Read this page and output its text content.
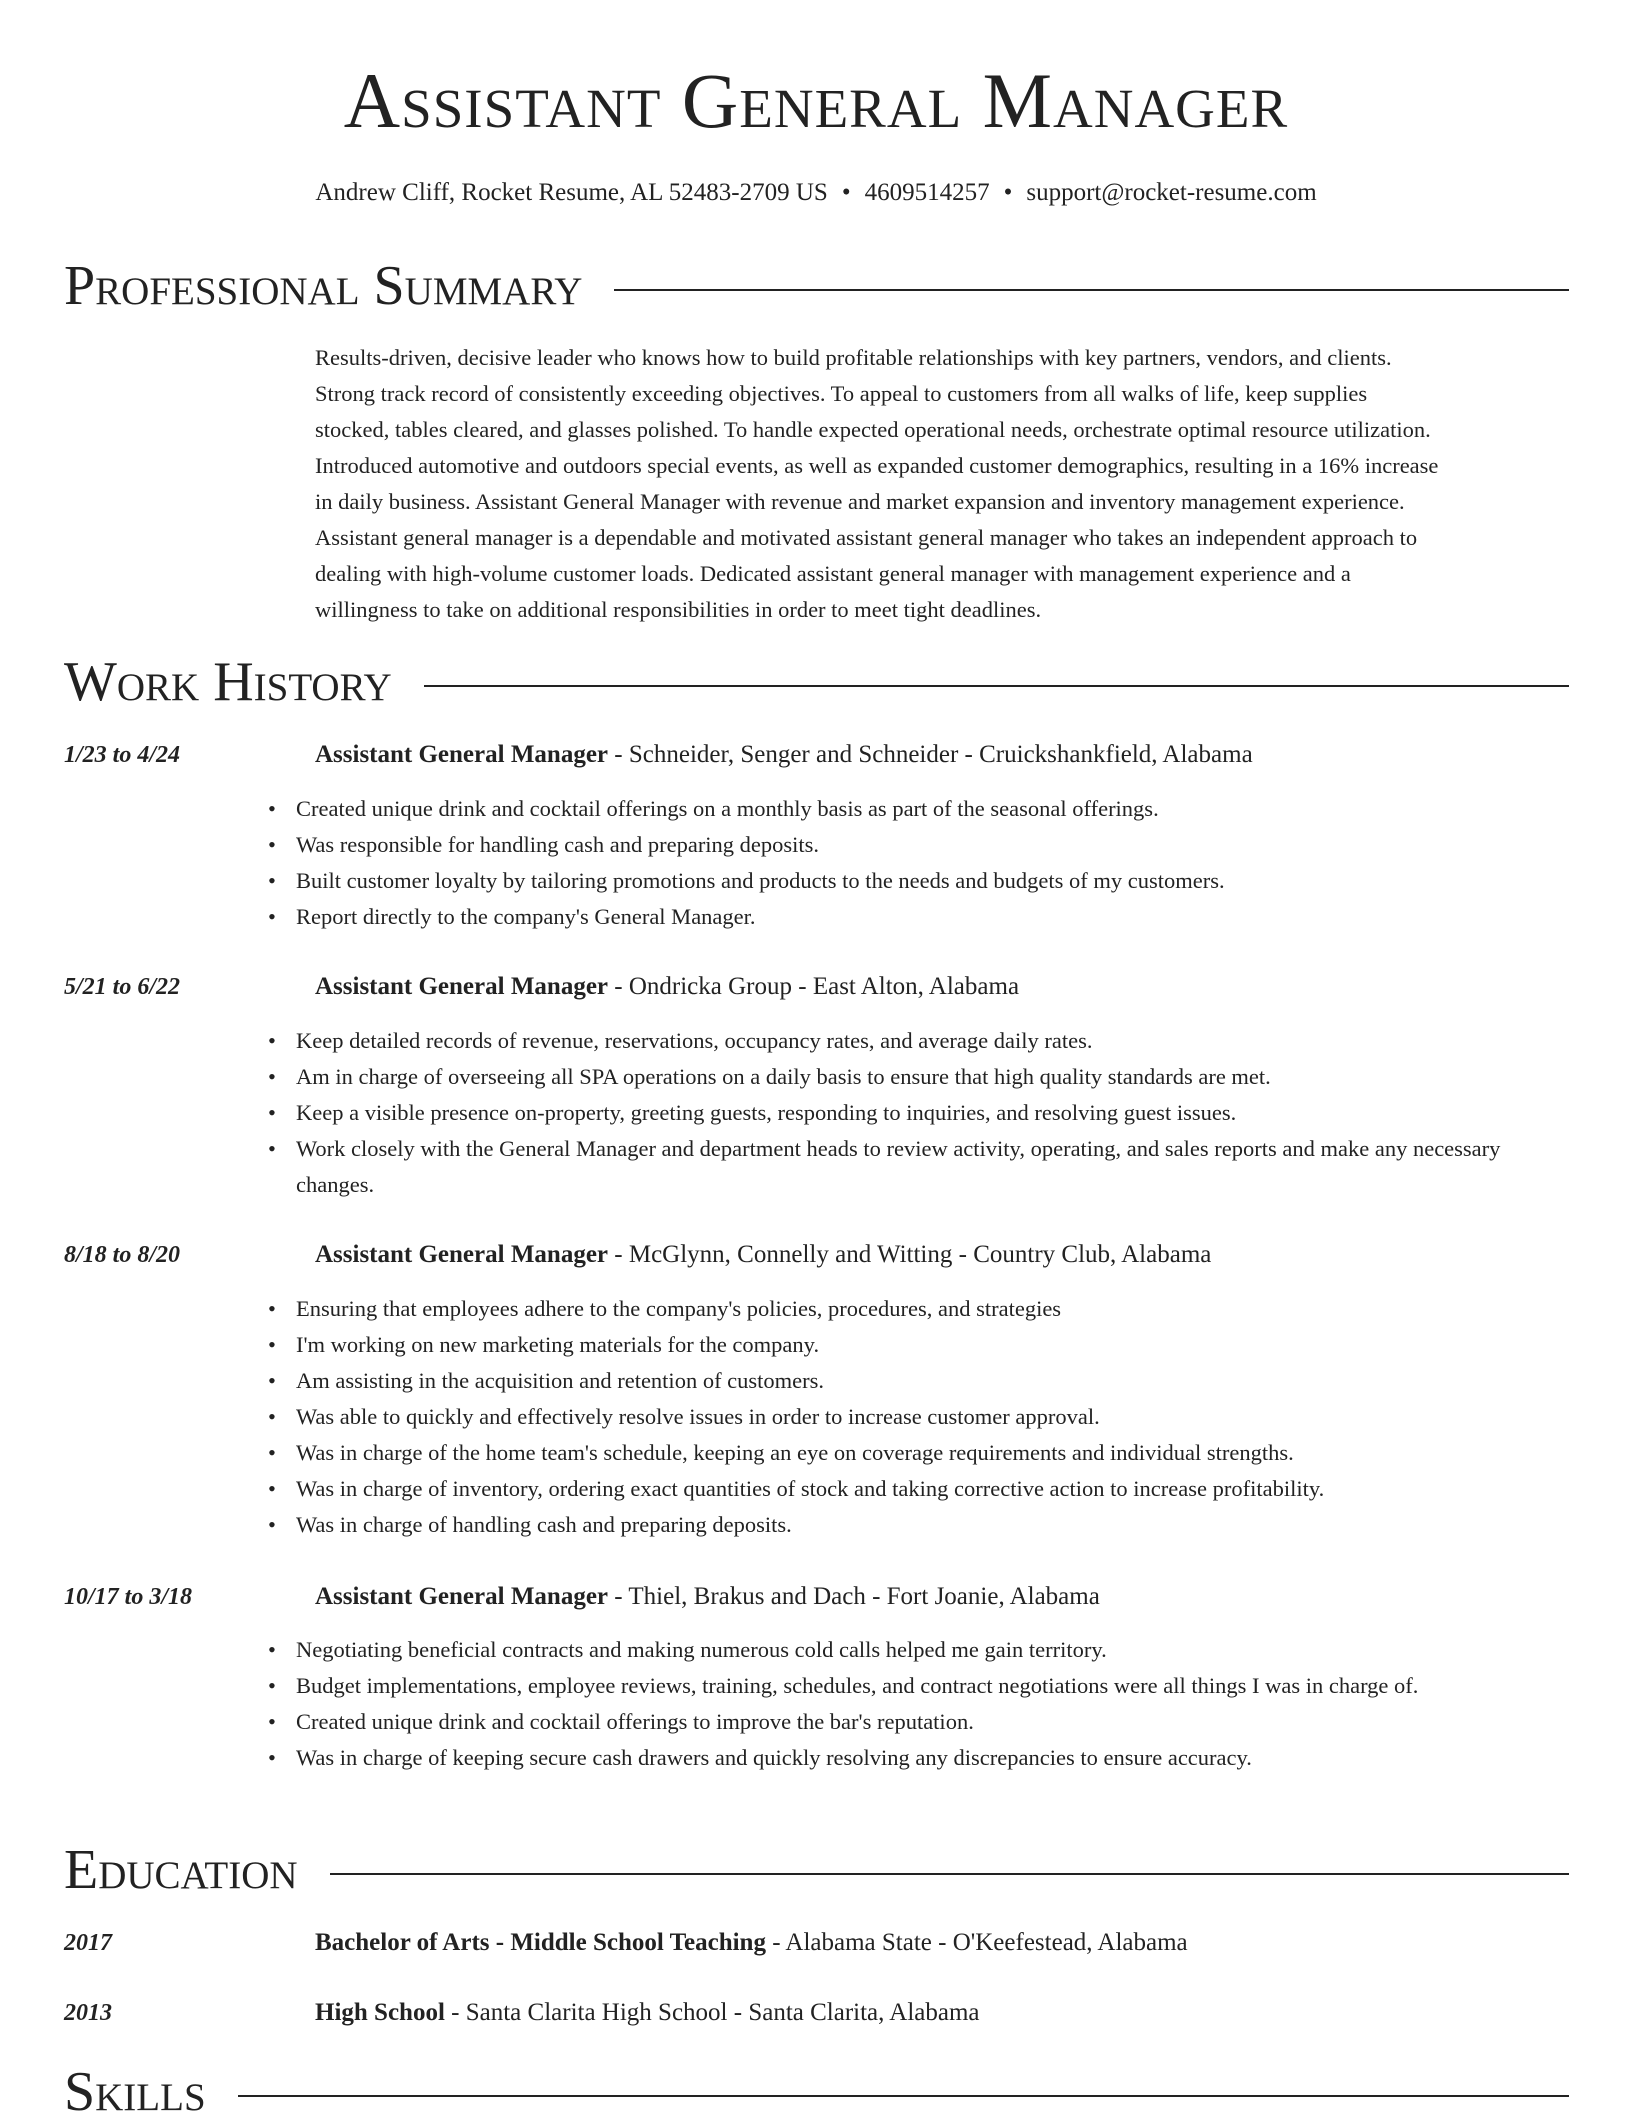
Assistant General Manager
Andrew Cliff, Rocket Resume, AL 52483-2709 US • 4609514257 • support@rocket-resume.com
Professional Summary
Results-driven, decisive leader who knows how to build profitable relationships with key partners, vendors, and clients.
Strong track record of consistently exceeding objectives. To appeal to customers from all walks of life, keep supplies
stocked, tables cleared, and glasses polished. To handle expected operational needs, orchestrate optimal resource utilization.
Introduced automotive and outdoors special events, as well as expanded customer demographics, resulting in a 16% increase
in daily business. Assistant General Manager with revenue and market expansion and inventory management experience.
Assistant general manager is a dependable and motivated assistant general manager who takes an independent approach to
dealing with high-volume customer loads. Dedicated assistant general manager with management experience and a
willingness to take on additional responsibilities in order to meet tight deadlines.
Work History
1/23 to 4/24	Assistant General Manager - Schneider, Senger and Schneider - Cruickshankfield, Alabama
• Created unique drink and cocktail offerings on a monthly basis as part of the seasonal offerings.
• Was responsible for handling cash and preparing deposits.
• Built customer loyalty by tailoring promotions and products to the needs and budgets of my customers.
• Report directly to the company's General Manager.
5/21 to 6/22	Assistant General Manager - Ondricka Group - East Alton, Alabama
• Keep detailed records of revenue, reservations, occupancy rates, and average daily rates.
• Am in charge of overseeing all SPA operations on a daily basis to ensure that high quality standards are met.
• Keep a visible presence on-property, greeting guests, responding to inquiries, and resolving guest issues.
• Work closely with the General Manager and department heads to review activity, operating, and sales reports and make any necessary changes.
8/18 to 8/20	Assistant General Manager - McGlynn, Connelly and Witting - Country Club, Alabama
• Ensuring that employees adhere to the company's policies, procedures, and strategies
• I'm working on new marketing materials for the company.
• Am assisting in the acquisition and retention of customers.
• Was able to quickly and effectively resolve issues in order to increase customer approval.
• Was in charge of the home team's schedule, keeping an eye on coverage requirements and individual strengths.
• Was in charge of inventory, ordering exact quantities of stock and taking corrective action to increase profitability.
• Was in charge of handling cash and preparing deposits.
10/17 to 3/18	Assistant General Manager - Thiel, Brakus and Dach - Fort Joanie, Alabama
• Negotiating beneficial contracts and making numerous cold calls helped me gain territory.
• Budget implementations, employee reviews, training, schedules, and contract negotiations were all things I was in charge of.
• Created unique drink and cocktail offerings to improve the bar's reputation.
• Was in charge of keeping secure cash drawers and quickly resolving any discrepancies to ensure accuracy.
Education
2017	Bachelor of Arts - Middle School Teaching - Alabama State - O'Keefestead, Alabama
2013	High School - Santa Clarita High School - Santa Clarita, Alabama
Skills
